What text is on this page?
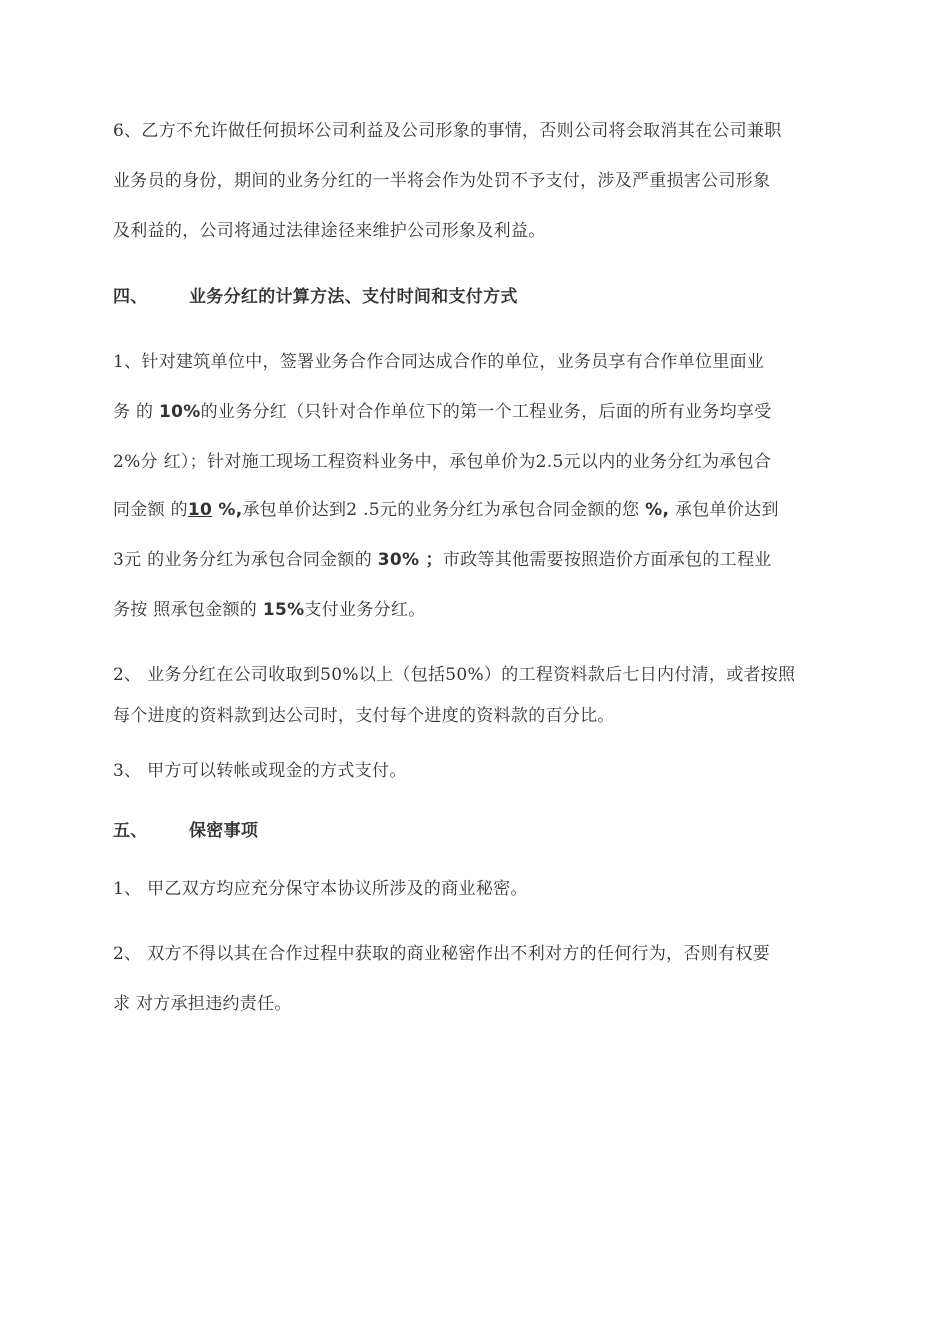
6、乙方不允许做任何损坏公司利益及公司形象的事情，否则公司将会取消其在公司兼职
业务员的身份，期间的业务分红的一半将会作为处罚不予支付，涉及严重损害公司形象
及利益的，公司将通过法律途径来维护公司形象及利益。
四、 业务分红的计算方法、支付时间和支付方式
1、针对建筑单位中，签署业务合作合同达成合作的单位，业务员享有合作单位里面业
务 的 10%的业务分红（只针对合作单位下的第一个工程业务，后面的所有业务均享受
2%分 红）；针对施工现场工程资料业务中，承包单价为2.5元以内的业务分红为承包合
同金额 的10 %,承包单价达到2 .5元的业务分红为承包合同金额的您 %, 承包单价达到
3元 的业务分红为承包合同金额的 30% ；市政等其他需要按照造价方面承包的工程业
务按 照承包金额的 15%支付业务分红。
2、 业务分红在公司收取到50%以上（包括50%）的工程资料款后七日内付清，或者按照
每个进度的资料款到达公司时，支付每个进度的资料款的百分比。
3、 甲方可以转帐或现金的方式支付。
五、 保密事项
1、 甲乙双方均应充分保守本协议所涉及的商业秘密。
2、 双方不得以其在合作过程中获取的商业秘密作出不利对方的任何行为，否则有权要
求 对方承担违约责任。
